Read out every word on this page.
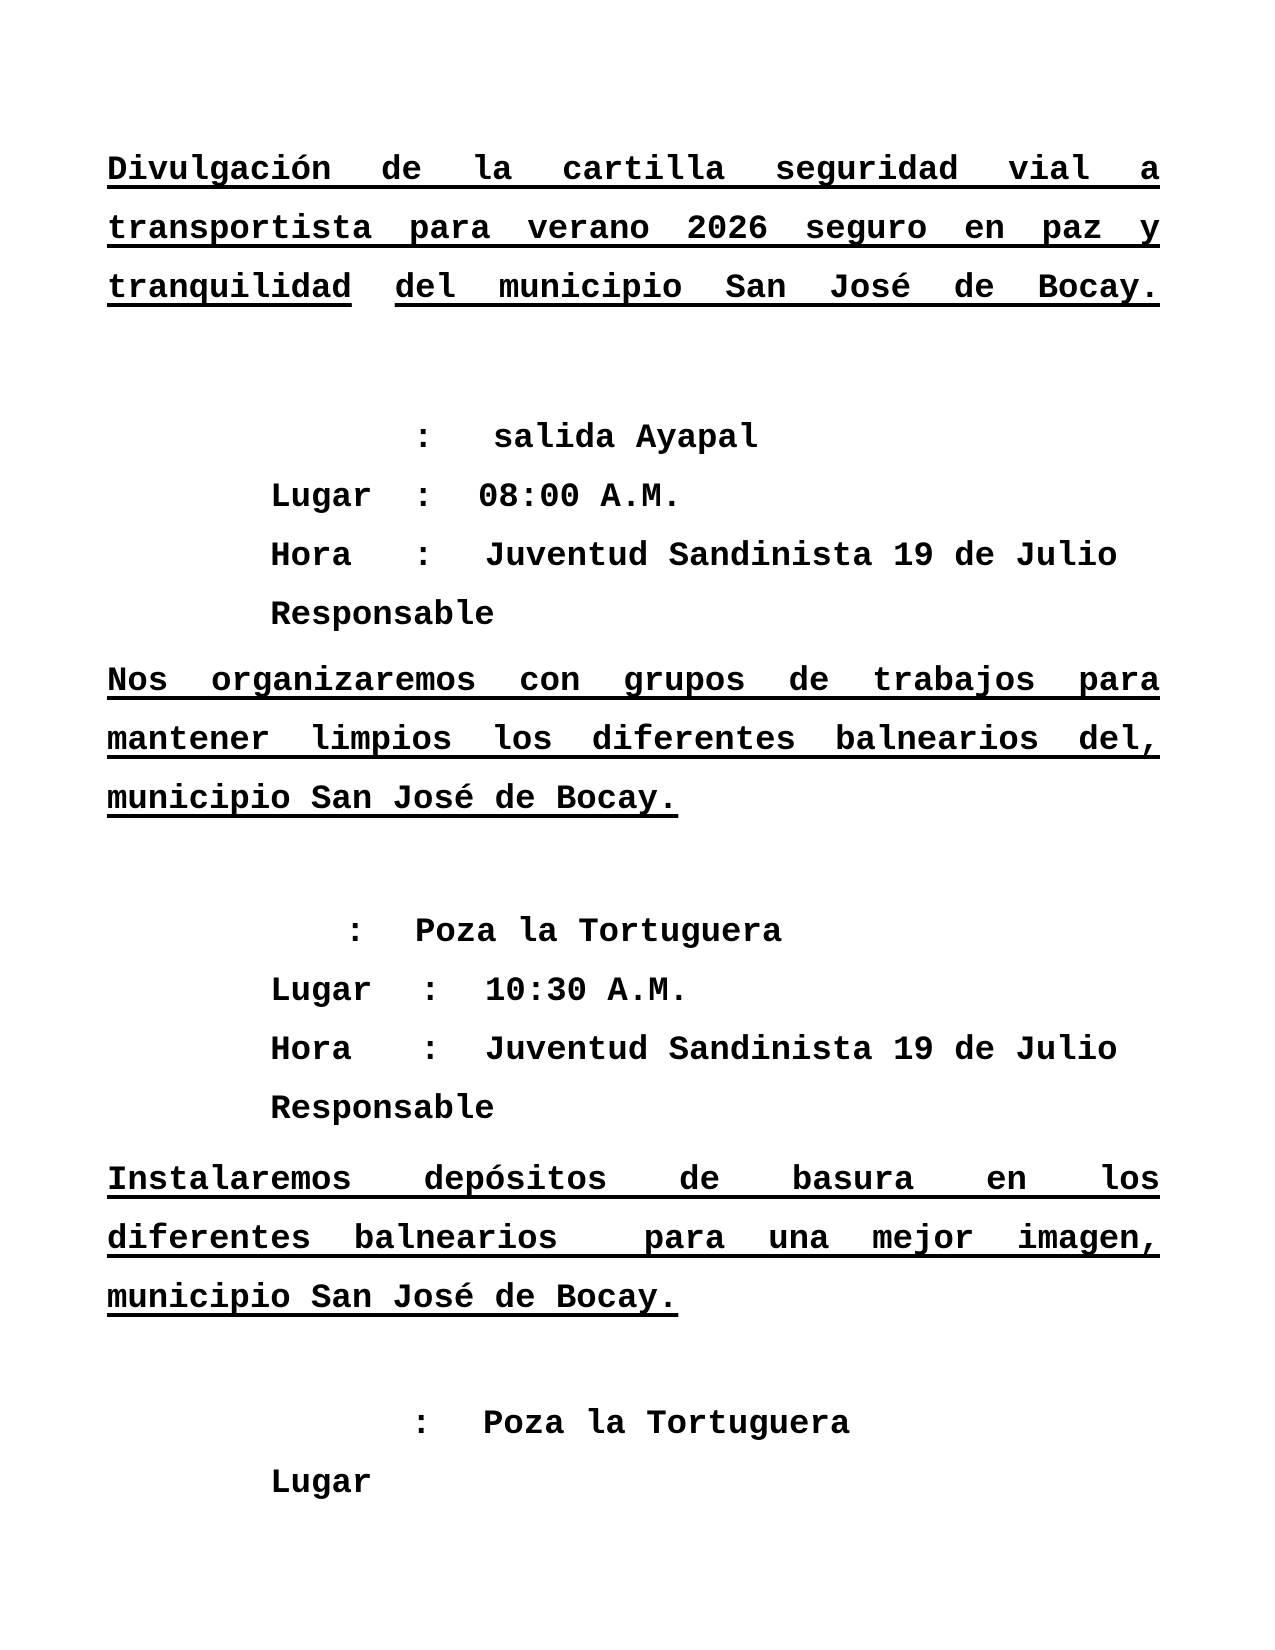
Divulgación de la cartilla seguridad vial a
transportista para verano 2026 seguro en paz y
tranquilidad del municipio San José de Bocay.

Lugar

:

salida Ayapal

Hora

:

08:00 A.M.

Responsable

:

Juventud Sandinista 19 de Julio

Nos organizaremos con grupos de trabajos para
mantener limpios los diferentes balnearios del,
municipio San José de Bocay.

Lugar

:

Poza la Tortuguera

Hora

:

10:30 A.M.

Responsable

:

Juventud Sandinista 19 de Julio

Instalaremos depósitos de basura en los
diferentes balnearios  para una mejor imagen,
municipio San José de Bocay.

Lugar

:

Poza la Tortuguera
